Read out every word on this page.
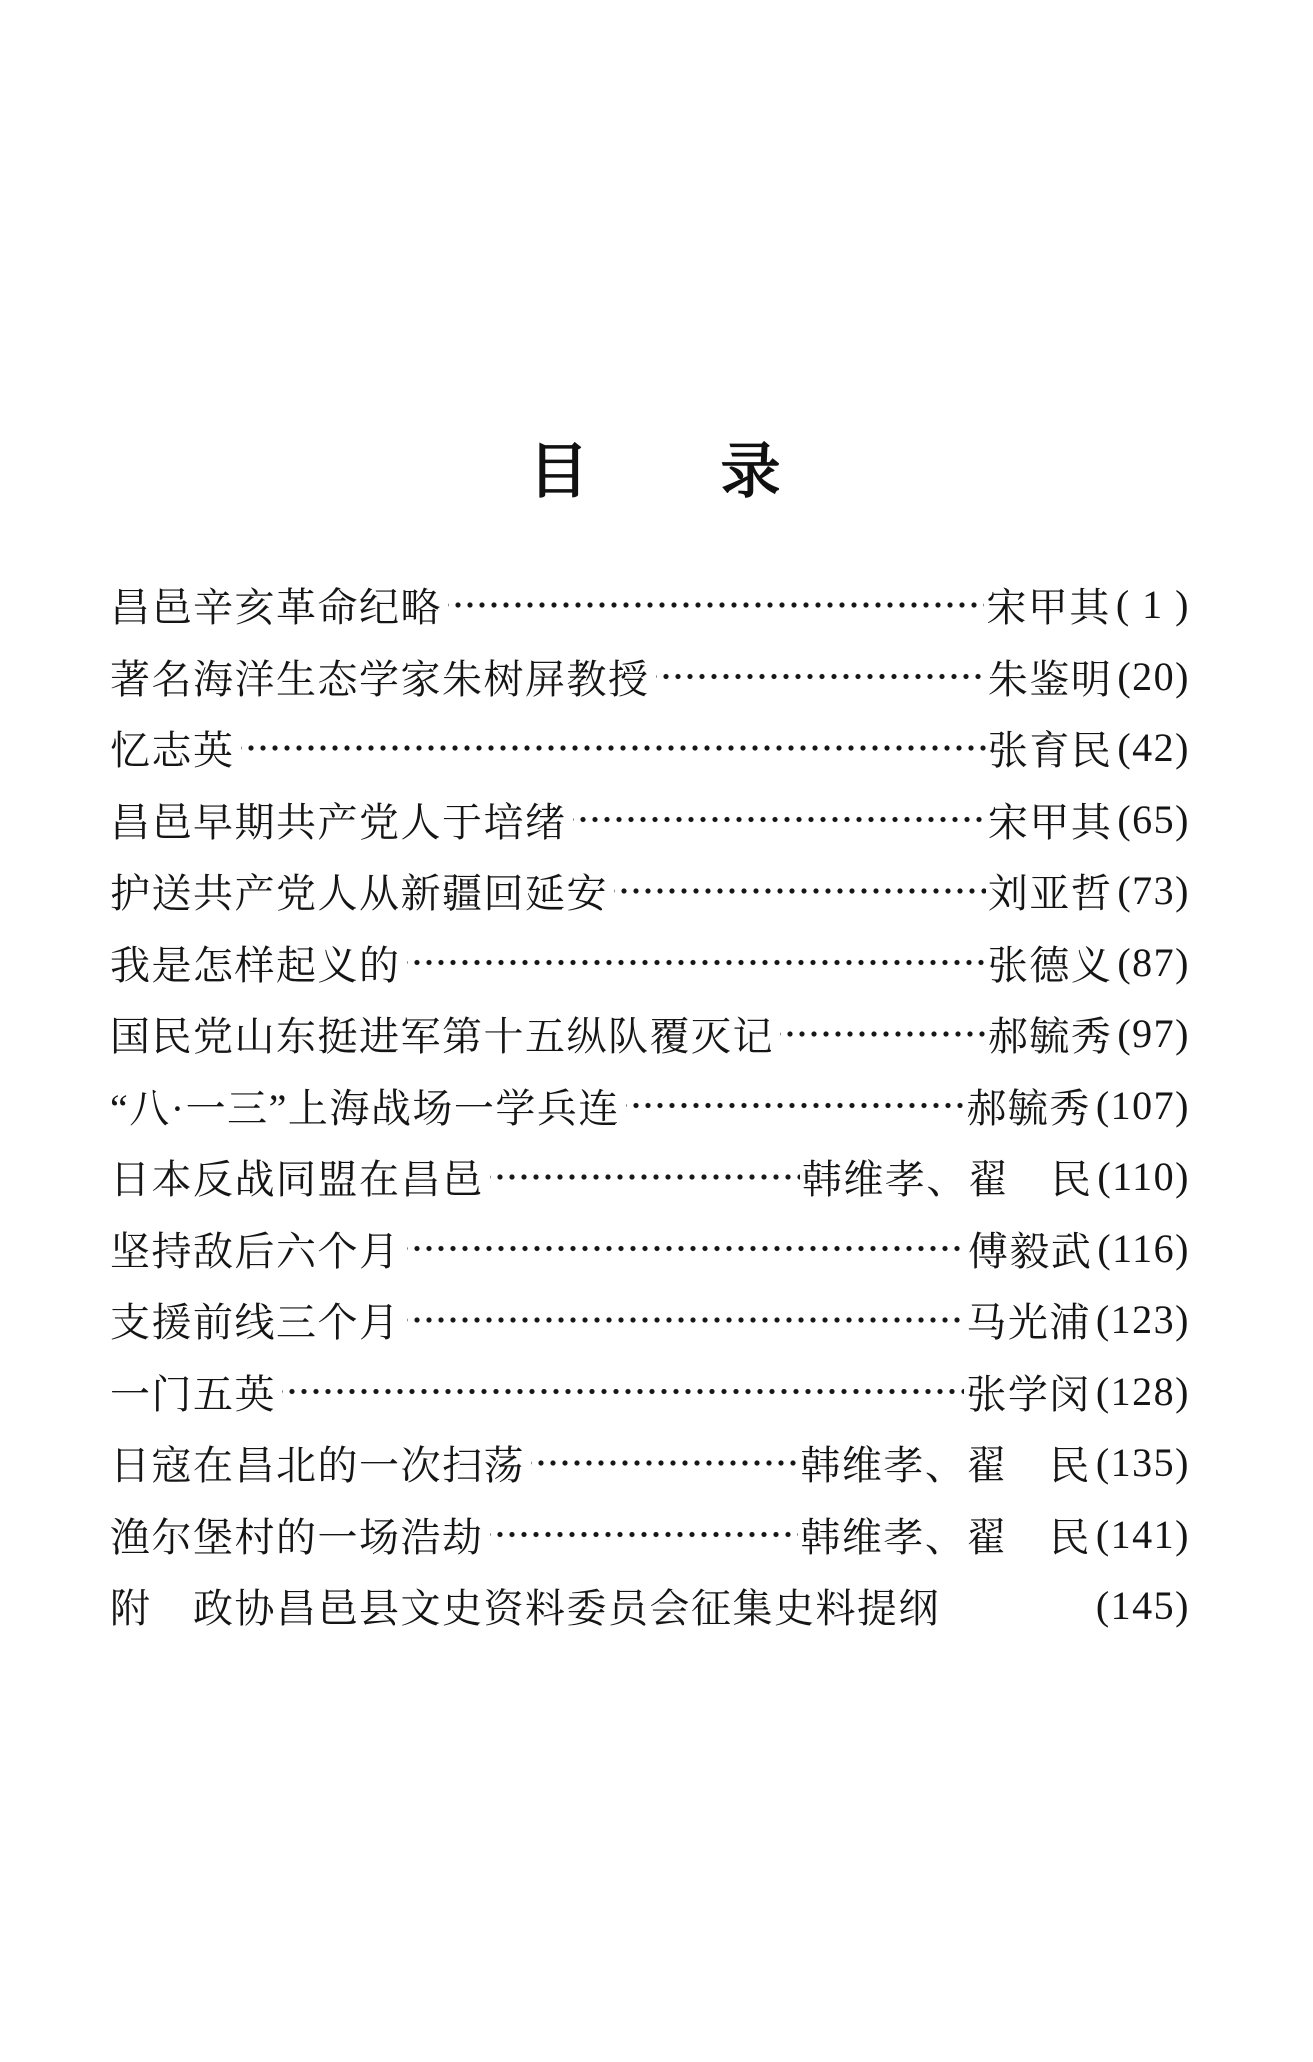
目　　录
昌邑辛亥革命纪略	宋甲其 ( 1 )
著名海洋生态学家朱树屏教授	朱鉴明 (20)
忆志英	张育民 (42)
昌邑早期共产党人于培绪	宋甲其 (65)
护送共产党人从新疆回延安	刘亚哲 (73)
我是怎样起义的	张德义 (87)
国民党山东挺进军第十五纵队覆灭记	郝毓秀 (97)
“八·一三”上海战场一学兵连	郝毓秀 (107)
日本反战同盟在昌邑	韩维孝、翟　民 (110)
坚持敌后六个月	傅毅武 (116)
支援前线三个月	马光浦 (123)
一门五英	张学闵 (128)
日寇在昌北的一次扫荡	韩维孝、翟　民 (135)
渔尔堡村的一场浩劫	韩维孝、翟　民 (141)
附　政协昌邑县文史资料委员会征集史料提纲	(145)
